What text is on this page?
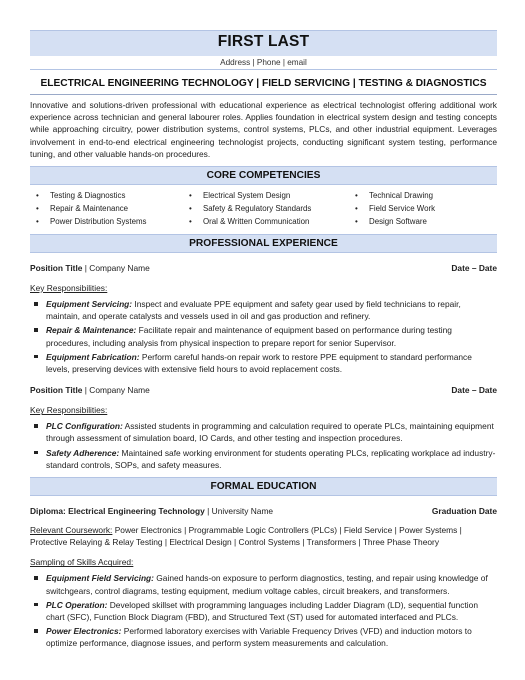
FIRST LAST
Address | Phone | email
ELECTRICAL ENGINEERING TECHNOLOGY | FIELD SERVICING | TESTING & DIAGNOSTICS
Innovative and solutions-driven professional with educational experience as electrical technologist offering additional work experience across technician and general labourer roles. Applies foundation in electrical system design and testing concepts while approaching circuitry, power distribution systems, control systems, PLCs, and other industrial equipment. Leverages involvement in end-to-end electrical engineering technologist projects, conducting significant system testing, performance tuning, and other valuable hands-on procedures.
CORE COMPETENCIES
• Testing & Diagnostics
• Repair & Maintenance
• Power Distribution Systems
• Electrical System Design
• Safety & Regulatory Standards
• Oral & Written Communication
• Technical Drawing
• Field Service Work
• Design Software
PROFESSIONAL EXPERIENCE
Position Title | Company Name	Date – Date
Key Responsibilities:
Equipment Servicing: Inspect and evaluate PPE equipment and safety gear used by field technicians to repair, maintain, and operate catalysts and vessels used in oil and gas production and refinery.
Repair & Maintenance: Facilitate repair and maintenance of equipment based on performance during testing procedures, including analysis from physical inspection to prepare report for senior Supervisor.
Equipment Fabrication: Perform careful hands-on repair work to restore PPE equipment to standard performance levels, preserving devices with extensive field hours to avoid replacement costs.
Position Title | Company Name	Date – Date
Key Responsibilities:
PLC Configuration: Assisted students in programming and calculation required to operate PLCs, maintaining equipment through assessment of simulation board, IO Cards, and other testing and inspection procedures.
Safety Adherence: Maintained safe working environment for students operating PLCs, replicating workplace ad industry-standard controls, SOPs, and safety measures.
FORMAL EDUCATION
Diploma: Electrical Engineering Technology | University Name	Graduation Date
Relevant Coursework: Power Electronics | Programmable Logic Controllers (PLCs) | Field Service | Power Systems | Protective Relaying & Relay Testing | Electrical Design | Control Systems | Transformers | Three Phase Theory
Sampling of Skills Acquired:
Equipment Field Servicing: Gained hands-on exposure to perform diagnostics, testing, and repair using knowledge of switchgears, control diagrams, testing equipment, medium voltage cables, circuit breakers, and transformers.
PLC Operation: Developed skillset with programming languages including Ladder Diagram (LD), sequential function chart (SFC), Function Block Diagram (FBD), and Structured Text (ST) used for automated interfaced and PLCs.
Power Electronics: Performed laboratory exercises with Variable Frequency Drives (VFD) and induction motors to optimize performance, diagnose issues, and perform system measurements and calculation.
